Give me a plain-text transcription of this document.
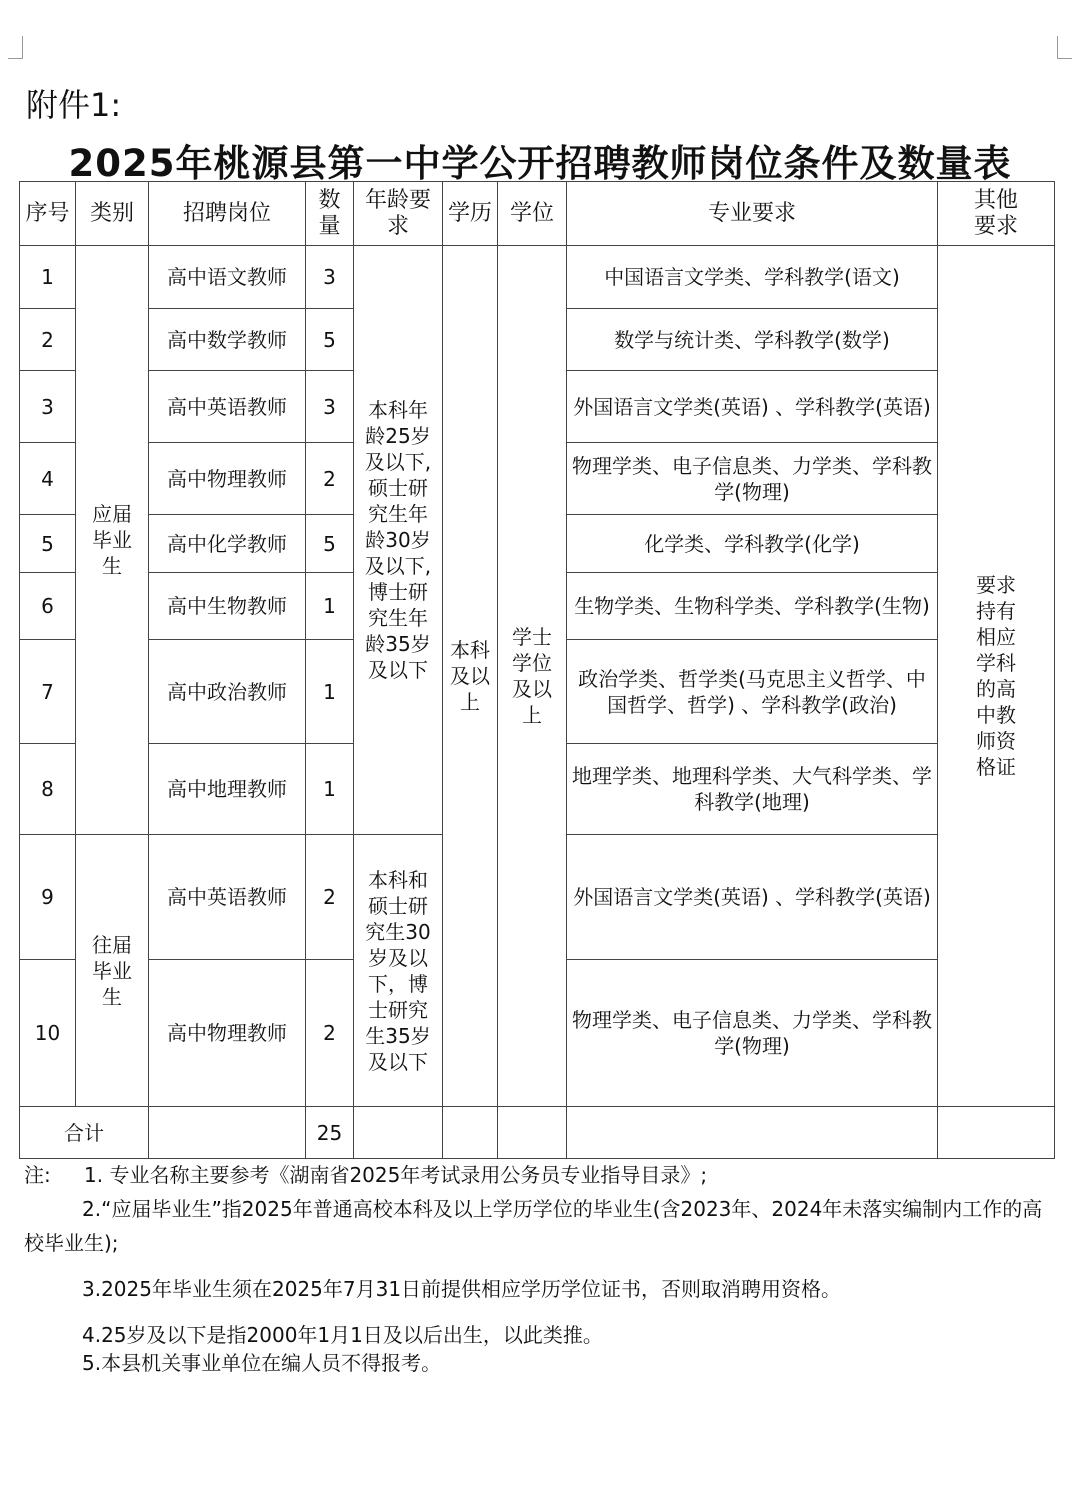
附件1:
2025年桃源县第一中学公开招聘教师岗位条件及数量表
序号	类别	招聘岗位	数量	年龄要求	学历	学位	专业要求	其他要求
1	应届毕业生	高中语文教师	3	本科年龄25岁及以下,硕士研究生年龄30岁及以下,博士研究生年龄35岁及以下	本科及以上	学士学位及以上	中国语言文学类、学科教学(语文)	要求持有相应学科的高中教师资格证
2		高中数学教师	5				数学与统计类、学科教学(数学)	
3		高中英语教师	3				外国语言文学类(英语) 、学科教学(英语)	
4		高中物理教师	2				物理学类、电子信息类、力学类、学科教学(物理)	
5		高中化学教师	5				化学类、学科教学(化学)	
6		高中生物教师	1				生物学类、生物科学类、学科教学(生物)	
7		高中政治教师	1				政治学类、哲学类(马克思主义哲学、中国哲学、哲学) 、学科教学(政治)	
8		高中地理教师	1				地理学类、地理科学类、大气科学类、学科教学(地理)	
9	往届毕业生	高中英语教师	2	本科和硕士研究生30岁及以下，博士研究生35岁及以下			外国语言文学类(英语) 、学科教学(英语)	
10		高中物理教师	2				物理学类、电子信息类、力学类、学科教学(物理)	
合计			25					
注:	1. 专业名称主要参考《湖南省2025年考试录用公务员专业指导目录》;

2.“应届毕业生”指2025年普通高校本科及以上学历学位的毕业生(含2023年、2024年未落实编制内工作的高校毕业生);

3.2025年毕业生须在2025年7月31日前提供相应学历学位证书，否则取消聘用资格。

4.25岁及以下是指2000年1月1日及以后出生，以此类推。

5.本县机关事业单位在编人员不得报考。
